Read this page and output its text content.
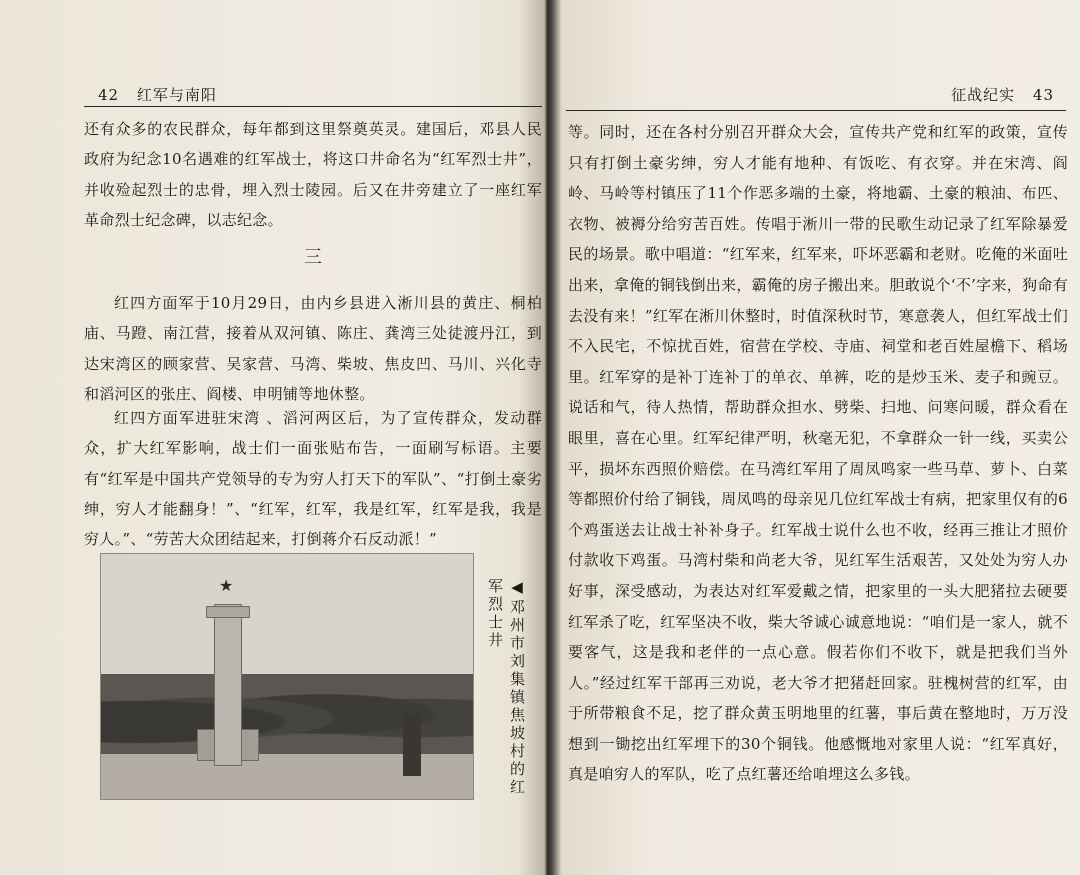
42 红军与南阳

还有众多的农民群众，每年都到这里祭奠英灵。建国后，邓县人民政府为纪念10名遇难的红军战士，将这口井命名为“红军烈士井”，并收殓起烈士的忠骨，埋入烈士陵园。后又在井旁建立了一座红军革命烈士纪念碑，以志纪念。

三

红四方面军于10月29日，由内乡县进入淅川县的黄庄、桐柏庙、马蹬、南江营，接着从双河镇、陈庄、龚湾三处徒渡丹江，到达宋湾区的顾家营、吴家营、马湾、柴坡、焦皮凹、马川、兴化寺和滔河区的张庄、阎楼、申明铺等地休整。

红四方面军进驻宋湾 、滔河两区后，为了宣传群众，发动群众，扩大红军影响，战士们一面张贴布告，一面刷写标语。主要有“红军是中国共产党领导的专为穷人打天下的军队”、“打倒土豪劣绅，穷人才能翻身！”、“红军，红军，我是红军，红军是我，我是穷人。”、“劳苦大众团结起来，打倒蒋介石反动派！”

★	◀邓州市刘集镇焦坡村的红军烈士井
征战纪实 43

等。同时，还在各村分别召开群众大会，宣传共产党和红军的政策，宣传只有打倒土豪劣绅，穷人才能有地种、有饭吃、有衣穿。并在宋湾、阎岭、马岭等村镇压了11个作恶多端的土豪，将地霸、土豪的粮油、布匹、衣物、被褥分给穷苦百姓。传唱于淅川一带的民歌生动记录了红军除暴爱民的场景。歌中唱道：“红军来，红军来，吓坏恶霸和老财。吃俺的米面吐出来，拿俺的铜钱倒出来，霸俺的房子搬出来。胆敢说个‘不’字来，狗命有去没有来！”红军在淅川休整时，时值深秋时节，寒意袭人，但红军战士们不入民宅，不惊扰百姓，宿营在学校、寺庙、祠堂和老百姓屋檐下、稻场里。红军穿的是补丁连补丁的单衣、单裤，吃的是炒玉米、麦子和豌豆。说话和气，待人热情，帮助群众担水、劈柴、扫地、问寒问暖，群众看在眼里，喜在心里。红军纪律严明，秋毫无犯，不拿群众一针一线，买卖公平，损坏东西照价赔偿。在马湾红军用了周凤鸣家一些马草、萝卜、白菜等都照价付给了铜钱，周凤鸣的母亲见几位红军战士有病，把家里仅有的6个鸡蛋送去让战士补补身子。红军战士说什么也不收，经再三推让才照价付款收下鸡蛋。马湾村柴和尚老大爷，见红军生活艰苦，又处处为穷人办好事，深受感动，为表达对红军爱戴之情，把家里的一头大肥猪拉去硬要红军杀了吃，红军坚决不收，柴大爷诚心诚意地说：“咱们是一家人，就不要客气，这是我和老伴的一点心意。假若你们不收下，就是把我们当外人。”经过红军干部再三劝说，老大爷才把猪赶回家。驻槐树营的红军，由于所带粮食不足，挖了群众黄玉明地里的红薯，事后黄在整地时，万万没想到一锄挖出红军埋下的30个铜钱。他感慨地对家里人说：“红军真好，真是咱穷人的军队，吃了点红薯还给咱埋这么多钱。
